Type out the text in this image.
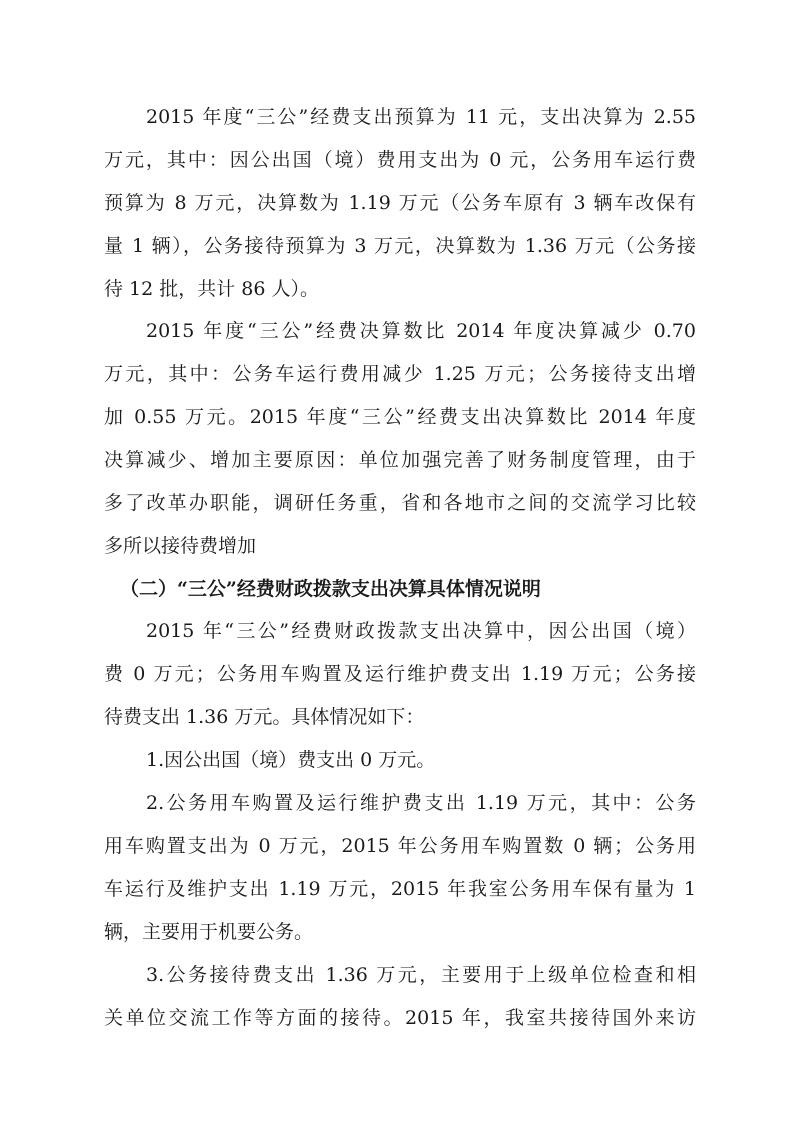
2015 年度“三公”经费支出预算为 11 元，支出决算为 2.55
万元，其中：因公出国（境）费用支出为 0 元，公务用车运行费
预算为 8 万元，决算数为 1.19 万元（公务车原有 3 辆车改保有
量 1 辆），公务接待预算为 3 万元，决算数为 1.36 万元（公务接
待 12 批，共计 86 人）。
2015 年度“三公”经费决算数比 2014 年度决算减少 0.70
万元，其中：公务车运行费用减少 1.25 万元；公务接待支出增
加 0.55 万元。2015 年度“三公”经费支出决算数比 2014 年度
决算减少、增加主要原因：单位加强完善了财务制度管理，由于
多了改革办职能，调研任务重，省和各地市之间的交流学习比较
多所以接待费增加
（二）“三公”经费财政拨款支出决算具体情况说明
2015 年“三公”经费财政拨款支出决算中，因公出国（境）
费 0 万元；公务用车购置及运行维护费支出 1.19 万元；公务接
待费支出 1.36 万元。具体情况如下：
1.因公出国（境）费支出 0 万元。
2.公务用车购置及运行维护费支出 1.19 万元，其中：公务
用车购置支出为 0 万元，2015 年公务用车购置数 0 辆；公务用
车运行及维护支出 1.19 万元，2015 年我室公务用车保有量为 1
辆，主要用于机要公务。
3.公务接待费支出 1.36 万元，主要用于上级单位检查和相
关单位交流工作等方面的接待。2015 年，我室共接待国外来访
